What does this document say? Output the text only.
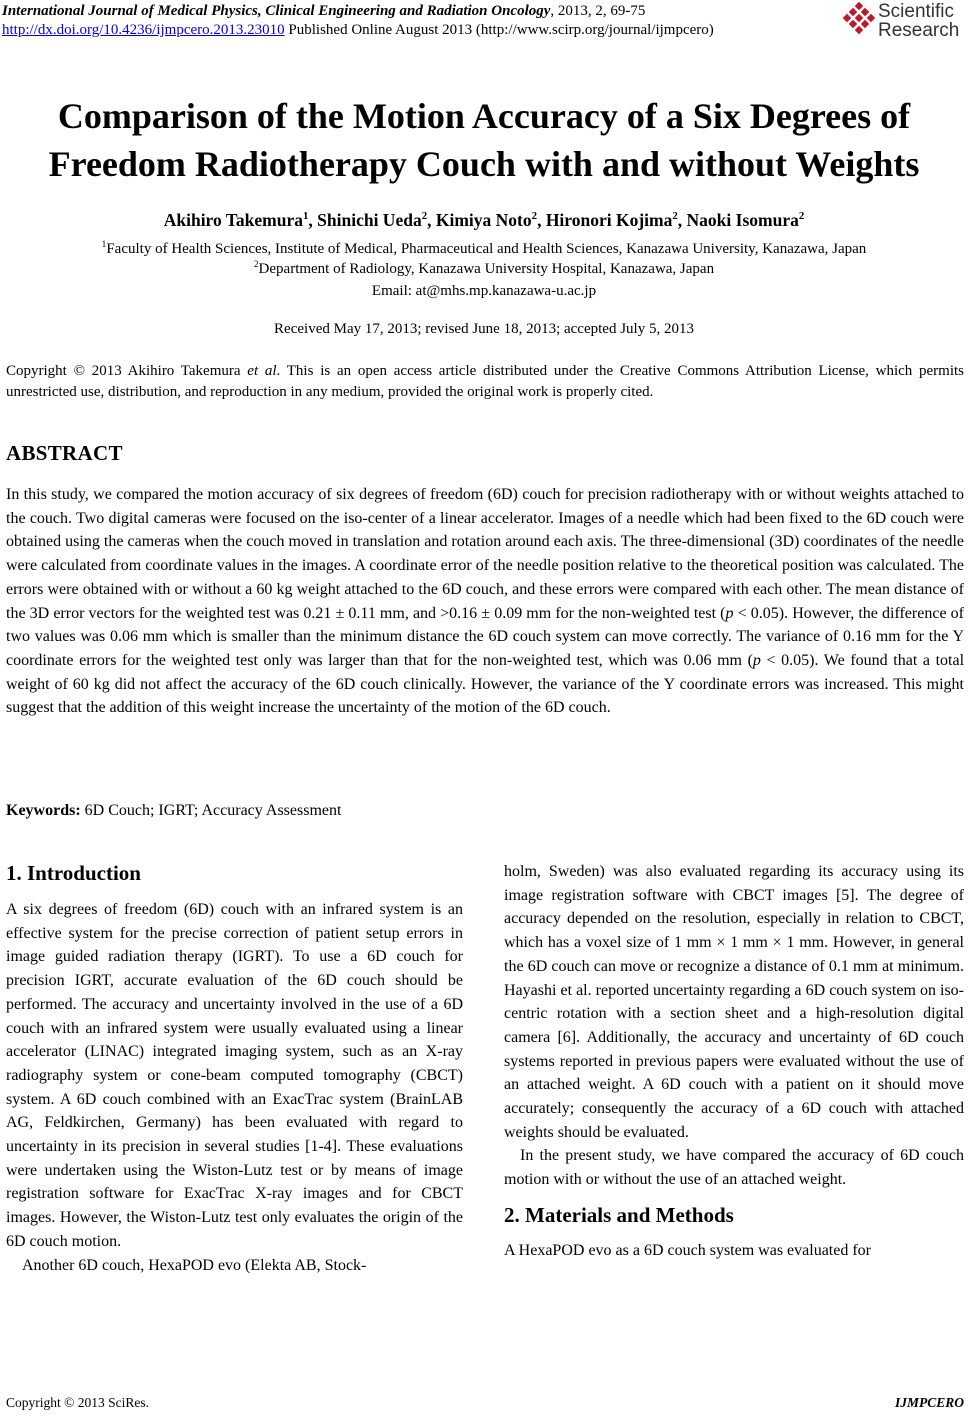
International Journal of Medical Physics, Clinical Engineering and Radiation Oncology, 2013, 2, 69-75
http://dx.doi.org/10.4236/ijmpcero.2013.23010 Published Online August 2013 (http://www.scirp.org/journal/ijmpcero)
Scientific
Research
Comparison of the Motion Accuracy of a Six Degrees of
Freedom Radiotherapy Couch with and without Weights
Akihiro Takemura$^1$, Shinichi Ueda$^2$, Kimiya Noto$^2$, Hironori Kojima$^2$, Naoki Isomura$^2$
$^1$Faculty of Health Sciences, Institute of Medical, Pharmaceutical and Health Sciences, Kanazawa University, Kanazawa, Japan
$^2$Department of Radiology, Kanazawa University Hospital, Kanazawa, Japan
Email: at@mhs.mp.kanazawa-u.ac.jp
Received May 17, 2013; revised June 18, 2013; accepted July 5, 2013
Copyright © 2013 Akihiro Takemura et al. This is an open access article distributed under the Creative Commons Attribution License, which permits unrestricted use, distribution, and reproduction in any medium, provided the original work is properly cited.
ABSTRACT
In this study, we compared the motion accuracy of six degrees of freedom (6D) couch for precision radiotherapy with or without weights attached to the couch. Two digital cameras were focused on the iso-center of a linear accelerator. Images of a needle which had been fixed to the 6D couch were obtained using the cameras when the couch moved in translation and rotation around each axis. The three-dimensional (3D) coordinates of the needle were calculated from coordinate values in the images. A coordinate error of the needle position relative to the theoretical position was calculated. The errors were obtained with or without a 60 kg weight attached to the 6D couch, and these errors were compared with each other. The mean distance of the 3D error vectors for the weighted test was 0.21 ± 0.11 mm, and >0.16 ± 0.09 mm for the non-weighted test (p < 0.05). However, the difference of two values was 0.06 mm which is smaller than the minimum distance the 6D couch system can move correctly. The variance of 0.16 mm for the Y coordinate errors for the weighted test only was larger than that for the non-weighted test, which was 0.06 mm (p < 0.05). We found that a total weight of 60 kg did not affect the accuracy of the 6D couch clinically. However, the variance of the Y coordinate errors was increased. This might suggest that the addition of this weight increase the uncertainty of the motion of the 6D couch.
Keywords: 6D Couch; IGRT; Accuracy Assessment
1. Introduction

A six degrees of freedom (6D) couch with an infrared system is an effective system for the precise correction of patient setup errors in image guided radiation therapy (IGRT). To use a 6D couch for precision IGRT, accurate evaluation of the 6D couch should be performed. The accuracy and uncertainty involved in the use of a 6D couch with an infrared system were usually evaluated using a linear accelerator (LINAC) integrated imaging system, such as an X-ray radiography system or cone-beam computed tomography (CBCT) system. A 6D couch combined with an ExacTrac system (BrainLAB AG, Feldkirchen, Germany) has been evaluated with regard to uncertainty in its precision in several studies [1-4]. These evaluations were undertaken using the Wiston-Lutz test or by means of image registration software for ExacTrac X-ray images and for CBCT images. However, the Wiston-Lutz test only evaluates the origin of the 6D couch motion.

Another 6D couch, HexaPOD evo (Elekta AB, Stock-

holm, Sweden) was also evaluated regarding its accuracy using its image registration software with CBCT images [5]. The degree of accuracy depended on the resolution, especially in relation to CBCT, which has a voxel size of 1 mm × 1 mm × 1 mm. However, in general the 6D couch can move or recognize a distance of 0.1 mm at minimum. Hayashi et al. reported uncertainty regarding a 6D couch system on iso-centric rotation with a section sheet and a high-resolution digital camera [6]. Additionally, the accuracy and uncertainty of 6D couch systems reported in previous papers were evaluated without the use of an attached weight. A 6D couch with a patient on it should move accurately; consequently the accuracy of a 6D couch with attached weights should be evaluated.

In the present study, we have compared the accuracy of 6D couch motion with or without the use of an attached weight.

2. Materials and Methods

A HexaPOD evo as a 6D couch system was evaluated for

Copyright © 2013 SciRes.	IJMPCERO
